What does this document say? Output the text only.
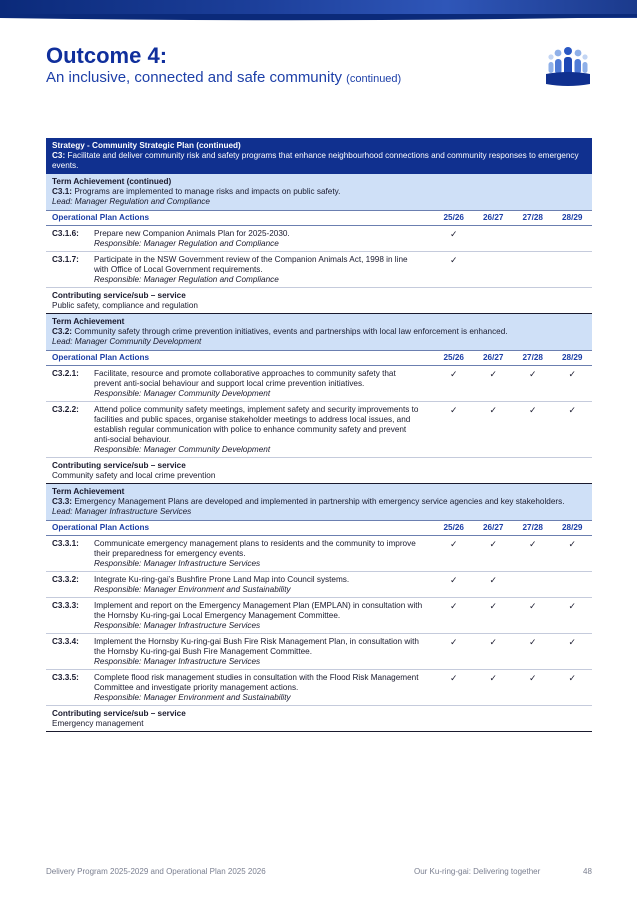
Outcome 4:

An inclusive, connected and safe community (continued)

Strategy - Community Strategic Plan (continued)
C3: Facilitate and deliver community risk and safety programs that enhance neighbourhood connections and community responses to emergency events.
Term Achievement (continued)
C3.1: Programs are implemented to manage risks and impacts on public safety.
Lead: Manager Regulation and Compliance
Operational Plan Actions	25/26	26/27	27/28	28/29
C3.1.6:	Prepare new Companion Animals Plan for 2025-2030.
Responsible: Manager Regulation and Compliance
✓
C3.1.7:	Participate in the NSW Government review of the Companion Animals Act, 1998 in line with Office of Local Government requirements.
Responsible: Manager Regulation and Compliance
✓
Contributing service/sub – service
Public safety, compliance and regulation
Term Achievement
C3.2: Community safety through crime prevention initiatives, events and partnerships with local law enforcement is enhanced.
Lead: Manager Community Development
Operational Plan Actions	25/26	26/27	27/28	28/29
C3.2.1:	Facilitate, resource and promote collaborative approaches to community safety that prevent anti-social behaviour and support local crime prevention initiatives.
Responsible: Manager Community Development
✓	✓	✓	✓
C3.2.2:	Attend police community safety meetings, implement safety and security improvements to facilities and public spaces, organise stakeholder meetings to address local issues, and establish regular communication with police to enhance community safety and prevent anti-social behaviour.
Responsible: Manager Community Development
✓	✓	✓	✓
Contributing service/sub – service
Community safety and local crime prevention
Term Achievement
C3.3: Emergency Management Plans are developed and implemented in partnership with emergency service agencies and key stakeholders.
Lead: Manager Infrastructure Services
Operational Plan Actions	25/26	26/27	27/28	28/29
C3.3.1:	Communicate emergency management plans to residents and the community to improve their preparedness for emergency events.
Responsible: Manager Infrastructure Services
✓	✓	✓	✓
C3.3.2:	Integrate Ku-ring-gai’s Bushfire Prone Land Map into Council systems.
Responsible: Manager Environment and Sustainability
✓	✓
C3.3.3:	Implement and report on the Emergency Management Plan (EMPLAN) in consultation with the Hornsby Ku-ring-gai Local Emergency Management Committee.
Responsible: Manager Infrastructure Services
✓	✓	✓	✓
C3.3.4:	Implement the Hornsby Ku-ring-gai Bush Fire Risk Management Plan, in consultation with the Hornsby Ku-ring-gai Bush Fire Management Committee.
Responsible: Manager Infrastructure Services
✓	✓	✓	✓
C3.3.5:	Complete flood risk management studies in consultation with the Flood Risk Management Committee and investigate priority management actions.
Responsible: Manager Environment and Sustainability
✓	✓	✓	✓
Contributing service/sub – service
Emergency management
Delivery Program 2025-2029 and Operational Plan 2025 2026	Our Ku-ring-gai: Delivering together	48
